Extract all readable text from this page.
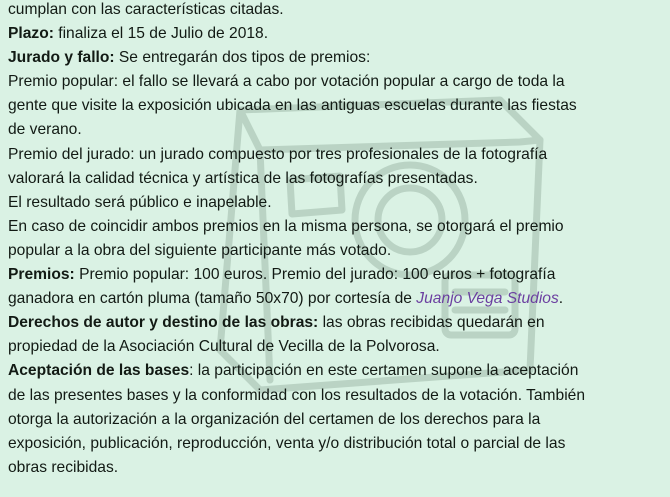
cumplan con las características citadas.
Plazo: finaliza el 15 de Julio de 2018.
Jurado y fallo: Se entregarán dos tipos de premios:
Premio popular: el fallo se llevará a cabo por votación popular a cargo de toda la
gente que visite la exposición ubicada en las antiguas escuelas durante las fiestas
de verano.
Premio del jurado: un jurado compuesto por tres profesionales de la fotografía
valorará la calidad técnica y artística de las fotografías presentadas.
El resultado será público e inapelable.
En caso de coincidir ambos premios en la misma persona, se otorgará el premio
popular a la obra del siguiente participante más votado.
Premios: Premio popular: 100 euros. Premio del jurado: 100 euros + fotografía
ganadora en cartón pluma (tamaño 50x70) por cortesía de Juanjo Vega Studios.
Derechos de autor y destino de las obras: las obras recibidas quedarán en
propiedad de la Asociación Cultural de Vecilla de la Polvorosa.
Aceptación de las bases: la participación en este certamen supone la aceptación
de las presentes bases y la conformidad con los resultados de la votación. También
otorga la autorización a la organización del certamen de los derechos para la
exposición, publicación, reproducción, venta y/o distribución total o parcial de las
obras recibidas.
